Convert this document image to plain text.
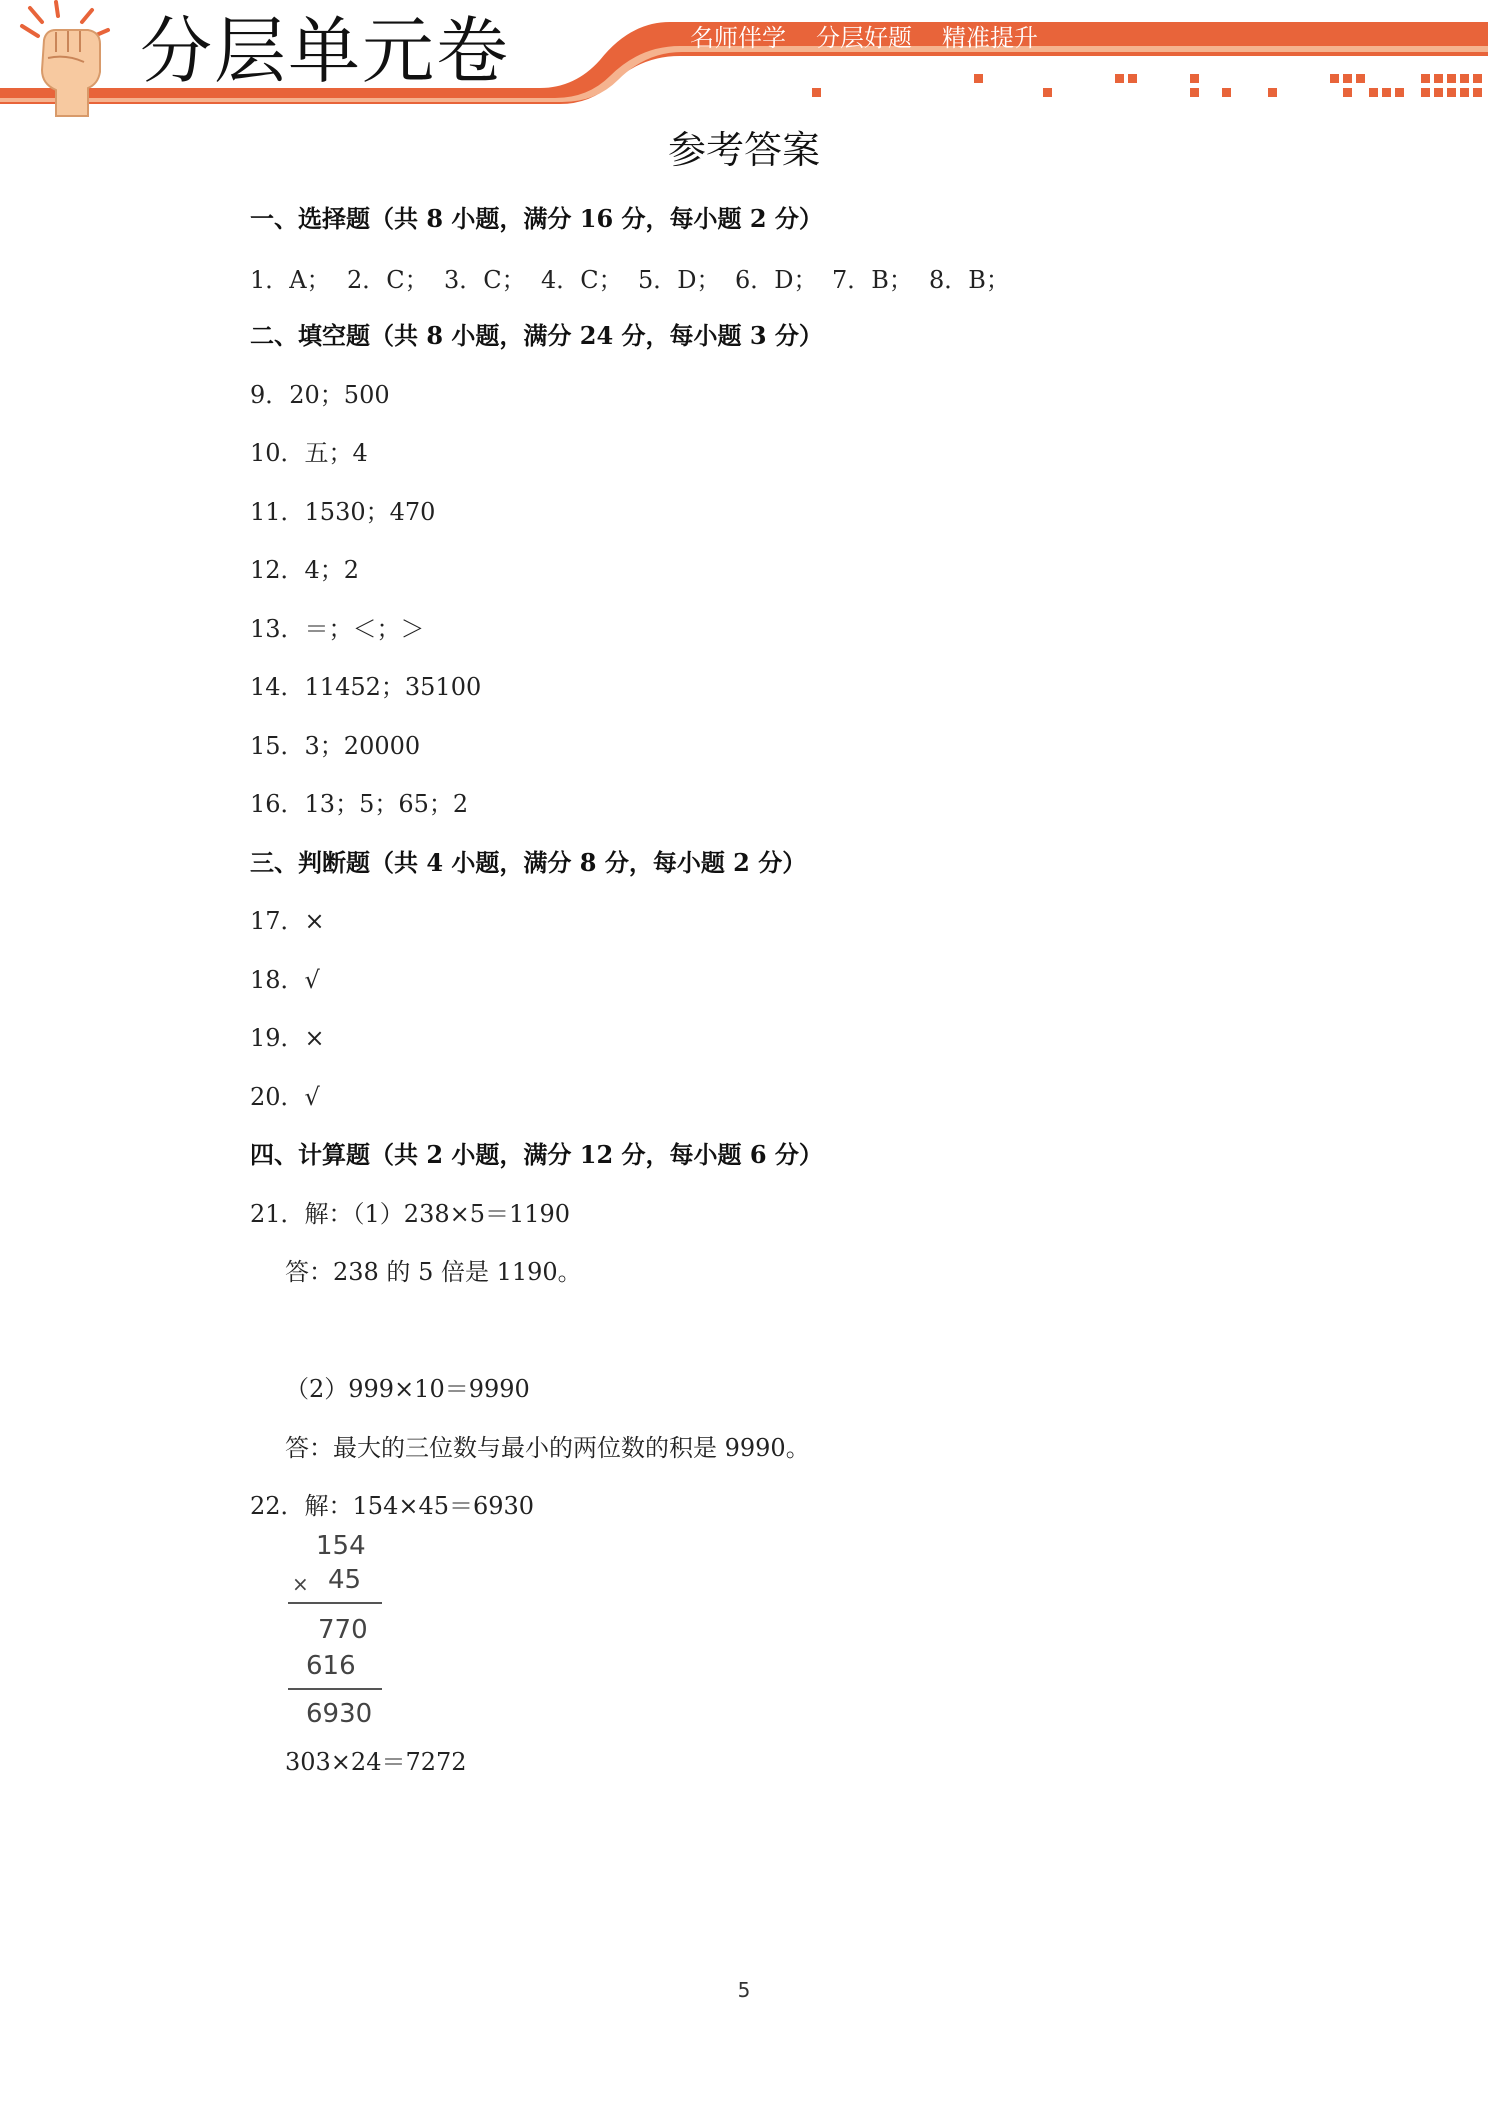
分层单元卷	名师伴学 分层好题 精准提升
参考答案
一、选择题（共 8 小题，满分 16 分，每小题 2 分）
1．A； 2．C； 3．C； 4．C； 5．D； 6．D； 7．B； 8．B；
二、填空题（共 8 小题，满分 24 分，每小题 3 分）
9．20；500
10．五；4
11．1530；470
12．4；2
13．＝；＜；＞
14．11452；35100
15．3；20000
16．13；5；65；2
三、判断题（共 4 小题，满分 8 分，每小题 2 分）
17．×
18．√
19．×
20．√
四、计算题（共 2 小题，满分 12 分，每小题 6 分）
21．解：（1）238×5＝1190
答：238 的 5 倍是 1190。
（2）999×10＝9990
答：最大的三位数与最小的两位数的积是 9990。
22．解：154×45＝6930
154
× 45
770
616
6930
303×24＝7272
5
